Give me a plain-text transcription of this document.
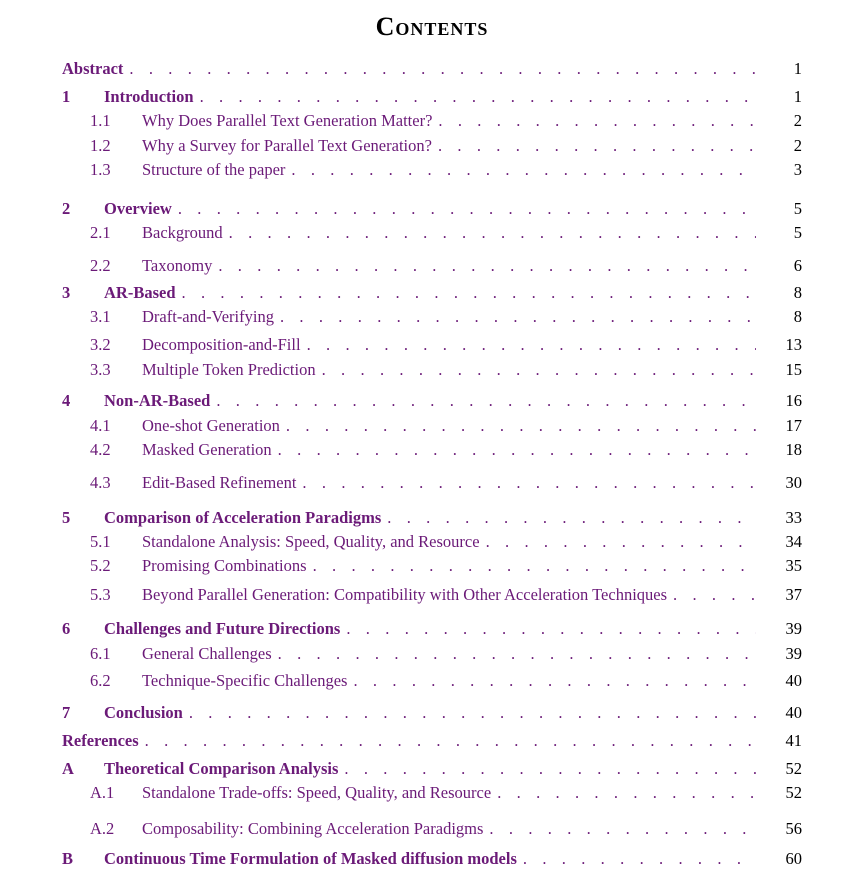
Contents
Abstract . . .	1
1	Introduction . . .	1
1.1	Why Does Parallel Text Generation Matter? . . .	2
1.2	Why a Survey for Parallel Text Generation? . . .	2
1.3	Structure of the paper . . .	3
2	Overview . . .	5
2.1	Background . . .	5
2.2	Taxonomy . . .	6
3	AR-Based . . .	8
3.1	Draft-and-Verifying . . .	8
3.2	Decomposition-and-Fill . . .	13
3.3	Multiple Token Prediction . . .	15
4	Non-AR-Based . . .	16
4.1	One-shot Generation . . .	17
4.2	Masked Generation . . .	18
4.3	Edit-Based Refinement . . .	30
5	Comparison of Acceleration Paradigms . . .	33
5.1	Standalone Analysis: Speed, Quality, and Resource . . .	34
5.2	Promising Combinations . . .	35
5.3	Beyond Parallel Generation: Compatibility with Other Acceleration Techniques . . .	37
6	Challenges and Future Directions . . .	39
6.1	General Challenges . . .	39
6.2	Technique-Specific Challenges . . .	40
7	Conclusion . . .	40
References . . .	41
A	Theoretical Comparison Analysis . . .	52
A.1	Standalone Trade-offs: Speed, Quality, and Resource . . .	52
A.2	Composability: Combining Acceleration Paradigms . . .	56
B	Continuous Time Formulation of Masked diffusion models . . .	60
